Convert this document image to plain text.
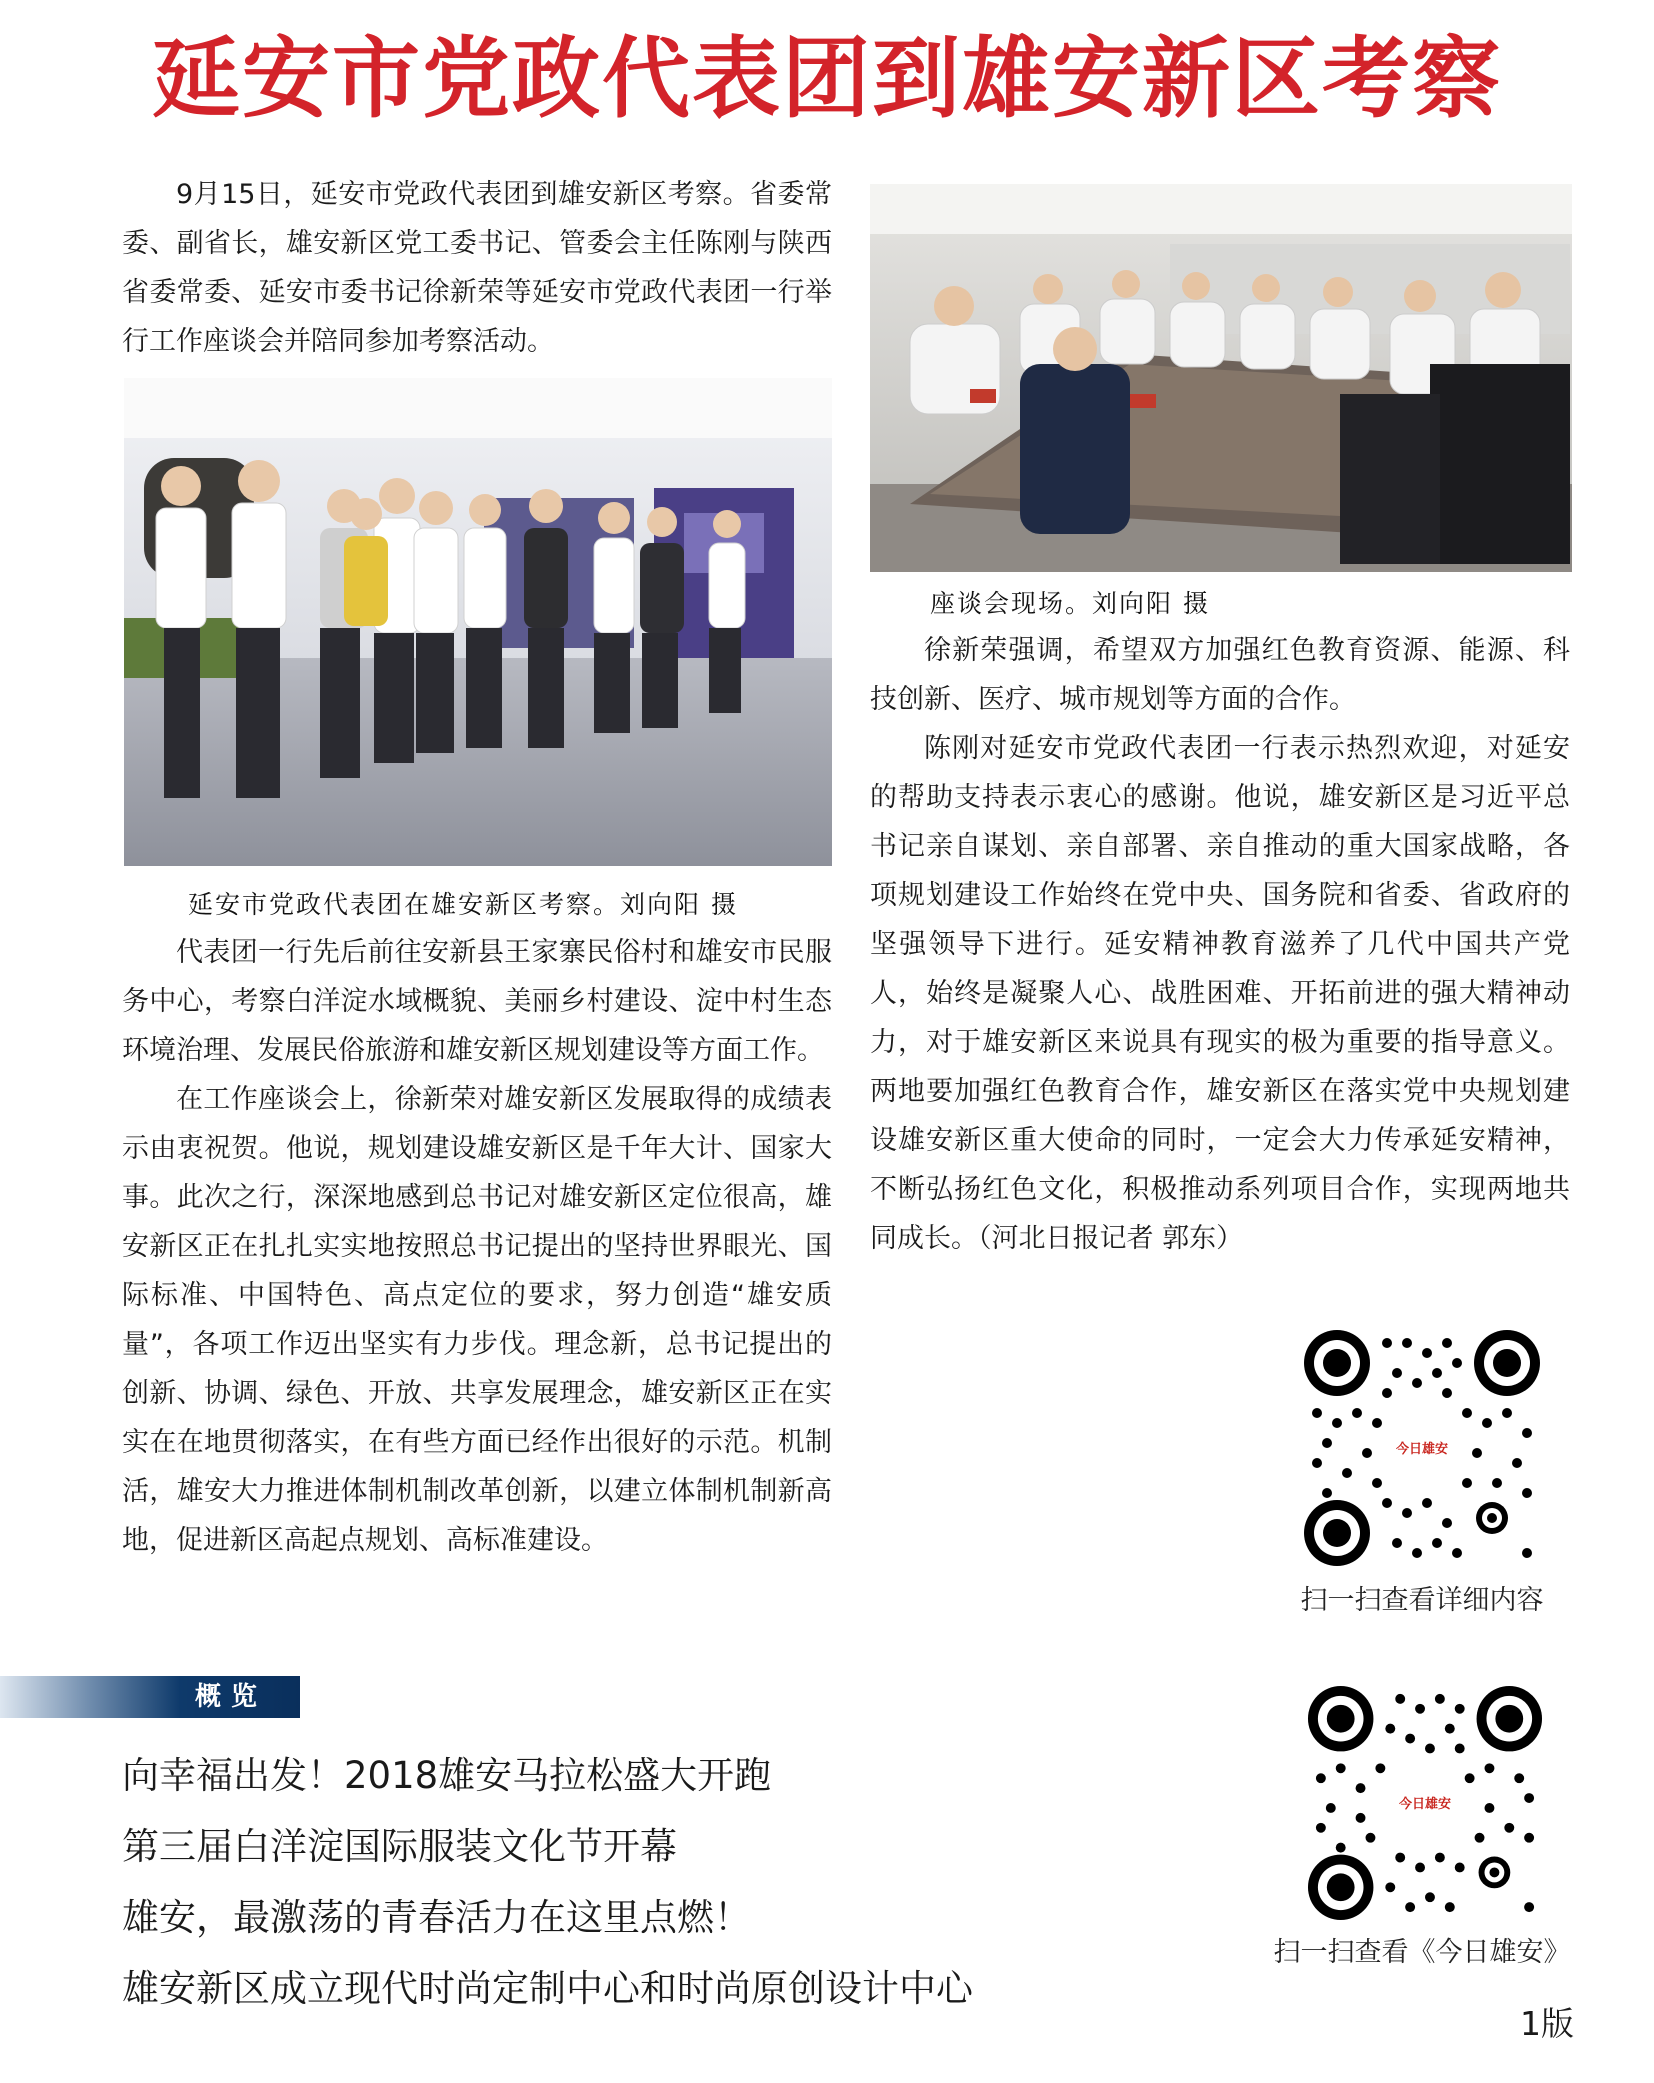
延安市党政代表团到雄安新区考察

9月15日，延安市党政代表团到雄安新区考察。省委常委、副省长，雄安新区党工委书记、管委会主任陈刚与陕西省委常委、延安市委书记徐新荣等延安市党政代表团一行举行工作座谈会并陪同参加考察活动。

延安市党政代表团在雄安新区考察。刘向阳 摄

代表团一行先后前往安新县王家寨民俗村和雄安市民服务中心，考察白洋淀水域概貌、美丽乡村建设、淀中村生态环境治理、发展民俗旅游和雄安新区规划建设等方面工作。

在工作座谈会上，徐新荣对雄安新区发展取得的成绩表示由衷祝贺。他说，规划建设雄安新区是千年大计、国家大事。此次之行，深深地感到总书记对雄安新区定位很高，雄安新区正在扎扎实实地按照总书记提出的坚持世界眼光、国际标准、中国特色、高点定位的要求，努力创造“雄安质量”，各项工作迈出坚实有力步伐。理念新，总书记提出的创新、协调、绿色、开放、共享发展理念，雄安新区正在实实在在地贯彻落实，在有些方面已经作出很好的示范。机制活，雄安大力推进体制机制改革创新，以建立体制机制新高地，促进新区高起点规划、高标准建设。

座谈会现场。刘向阳 摄

徐新荣强调，希望双方加强红色教育资源、能源、科技创新、医疗、城市规划等方面的合作。

陈刚对延安市党政代表团一行表示热烈欢迎，对延安的帮助支持表示衷心的感谢。他说，雄安新区是习近平总书记亲自谋划、亲自部署、亲自推动的重大国家战略，各项规划建设工作始终在党中央、国务院和省委、省政府的坚强领导下进行。延安精神教育滋养了几代中国共产党人，始终是凝聚人心、战胜困难、开拓前进的强大精神动力，对于雄安新区来说具有现实的极为重要的指导意义。两地要加强红色教育合作，雄安新区在落实党中央规划建设雄安新区重大使命的同时，一定会大力传承延安精神，不断弘扬红色文化，积极推动系列项目合作，实现两地共同成长。（河北日报记者 郭东）

今日雄安
扫一扫查看详细内容
今日雄安
扫一扫查看《今日雄安》
概览
向幸福出发！2018雄安马拉松盛大开跑
第三届白洋淀国际服装文化节开幕
雄安，最激荡的青春活力在这里点燃！
雄安新区成立现代时尚定制中心和时尚原创设计中心
1版
